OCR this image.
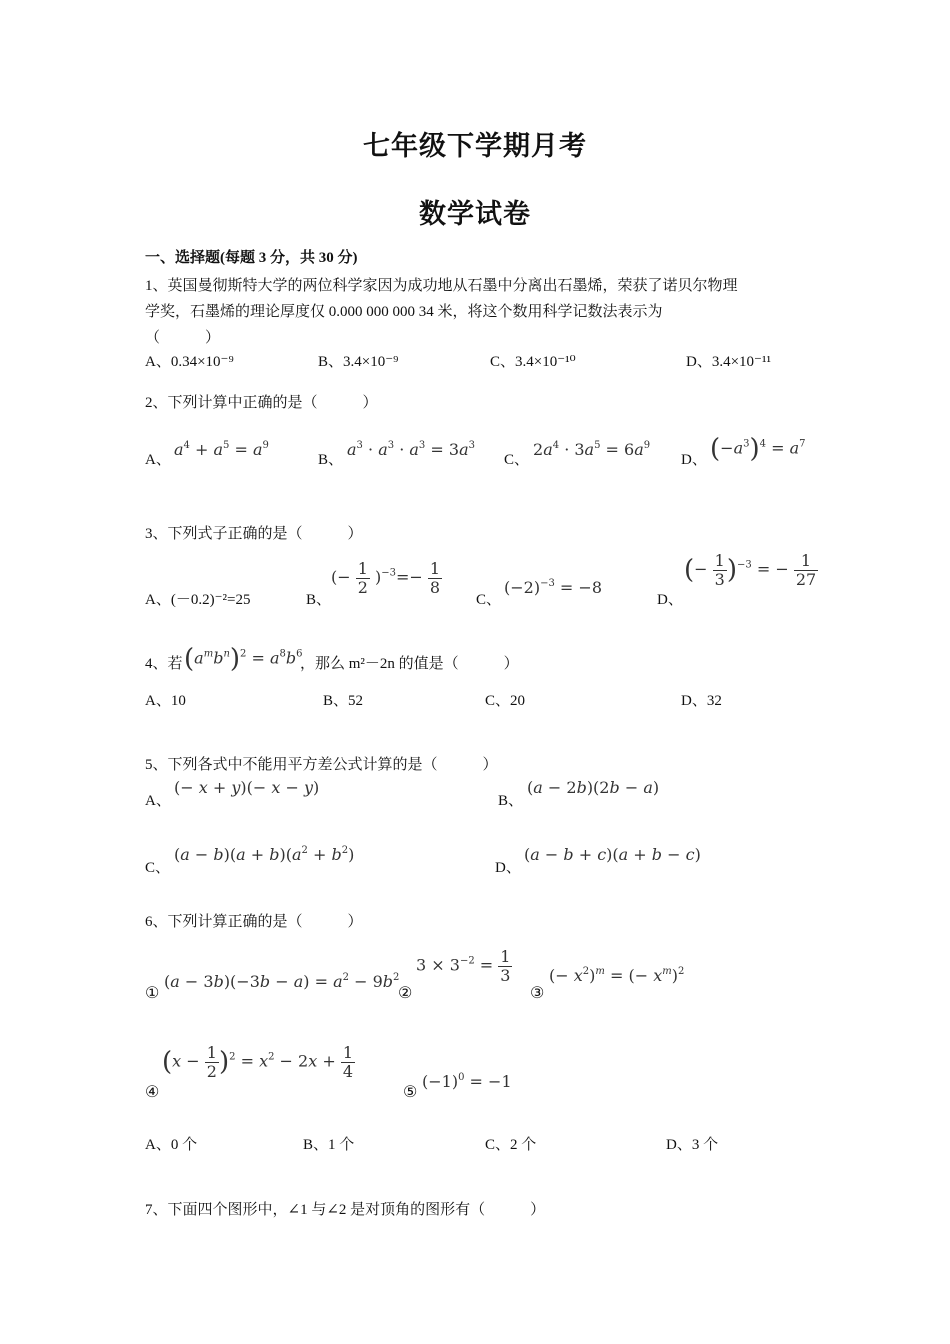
七年级下学期月考
数学试卷
一、选择题(每题 3 分，共 30 分)
1、英国曼彻斯特大学的两位科学家因为成功地从石墨中分离出石墨烯，荣获了诺贝尔物理
学奖，石墨烯的理论厚度仅 0.000 000 000 34 米，将这个数用科学记数法表示为
（　　　）
A、0.34×10⁻⁹	B、3.4×10⁻⁹	C、3.4×10⁻¹⁰	D、3.4×10⁻¹¹
2、下列计算中正确的是（　　　）
A、
$a^4 + a^5 = a^9$
B、
$a^3 \cdot a^3 \cdot a^3 = 3a^3$
C、
$2a^4 \cdot 3a^5 = 6a^9$
D、 $(-a^3)^4 = a^7$
3、下列式子正确的是（　　　）
A、(－0.2)⁻²=25	B、
(− $\frac{1}{2} )^{-3}=- \frac{1}{8}$
C、
$(-2)^{-3} = -8$
D、
(− $\frac{1}{3} )^{-3}$ = − $\frac{1}{27}$
4、若 $(a^mb^n)^2 = a^8b^6$
，那么 m²－2n 的值是（　　　）
A、10	B、52	C、20	D、32
5、下列各式中不能用平方差公式计算的是（　　　）
A、
(− x + y)(− x − y)
B、
(a − 2b)(2b − a)
C、
$(a - b)(a + b)(a^2 + b^2)$
D、
(a − b + c)(a + b − c)
6、下列计算正确的是（　　　）
①
$(a - 3b)(-3b - a) = a^2 - 9b^2$
②
$3 \times 3^{-2} = \frac{1}{3}$
③
(− $x^2)^m$ = (− $x^m)^2$
④
$(x - \frac{1}{2} )^2 = x^2 - 2x + \frac{1}{4}$
⑤
$(-1)^0 = -1$
A、0 个	B、1 个	C、2 个	D、3 个
7、下面四个图形中，∠1 与∠2 是对顶角的图形有（　　　）
